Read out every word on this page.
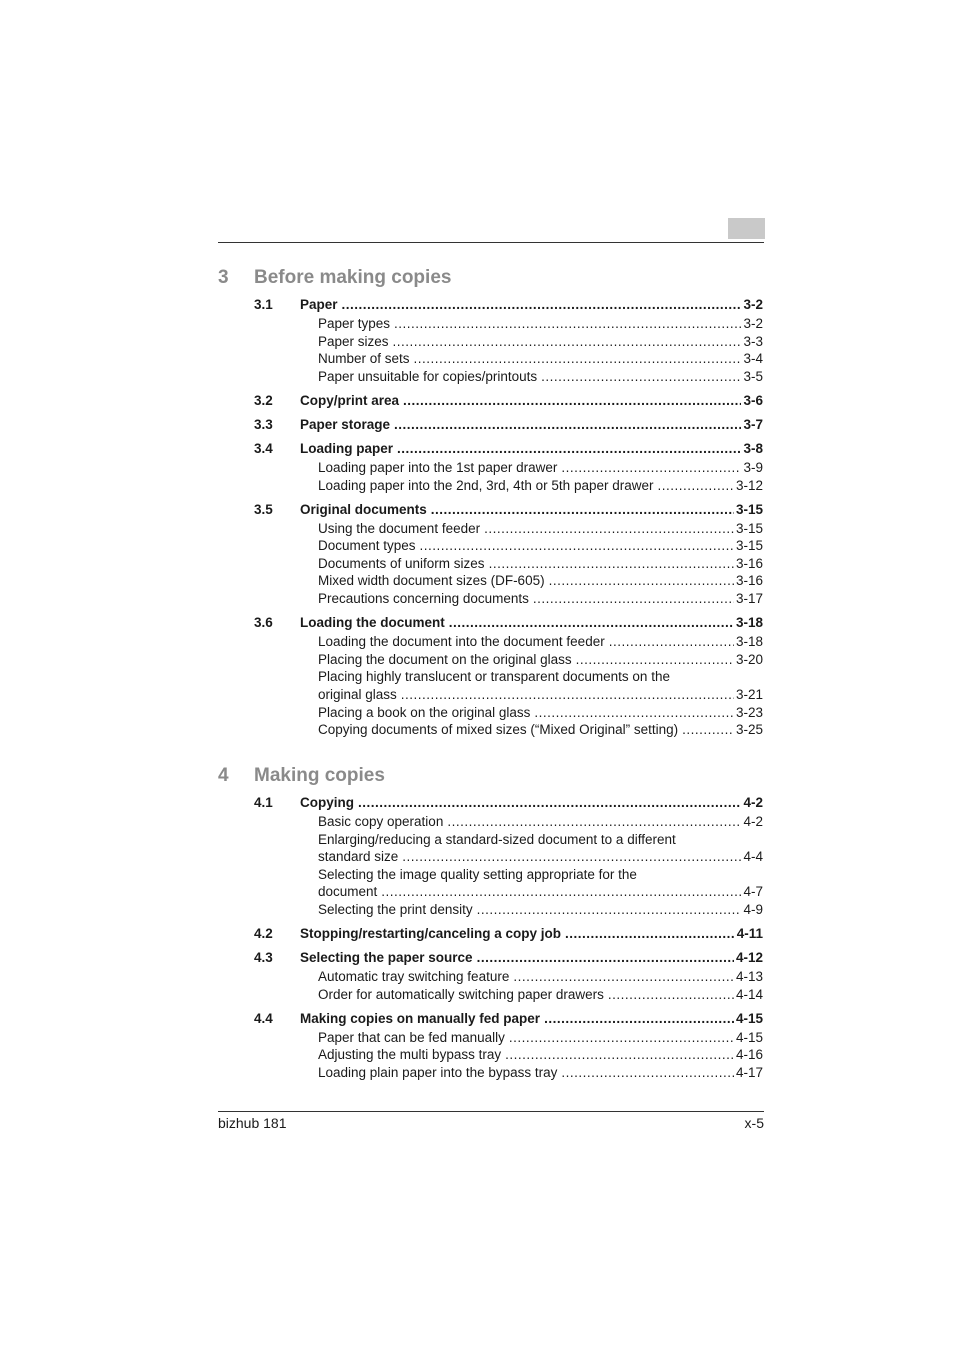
3 Before making copies
3.1 Paper .....	3-2
Paper types .....	3-2
Paper sizes .....	3-3
Number of sets .....	3-4
Paper unsuitable for copies/printouts .....	3-5
3.2 Copy/print area .....	3-6
3.3 Paper storage .....	3-7
3.4 Loading paper .....	3-8
Loading paper into the 1st paper drawer .....	3-9
Loading paper into the 2nd, 3rd, 4th or 5th paper drawer .....	3-12
3.5 Original documents .....	3-15
Using the document feeder .....	3-15
Document types .....	3-15
Documents of uniform sizes .....	3-16
Mixed width document sizes (DF-605) .....	3-16
Precautions concerning documents .....	3-17
3.6 Loading the document .....	3-18
Loading the document into the document feeder .....	3-18
Placing the document on the original glass .....	3-20
Placing highly translucent or transparent documents on the
original glass .....	3-21
Placing a book on the original glass .....	3-23
Copying documents of mixed sizes (“Mixed Original” setting) .....	3-25
4 Making copies
4.1 Copying .....	4-2
Basic copy operation .....	4-2
Enlarging/reducing a standard-sized document to a different
standard size .....	4-4
Selecting the image quality setting appropriate for the
document .....	4-7
Selecting the print density .....	4-9
4.2 Stopping/restarting/canceling a copy job .....	4-11
4.3 Selecting the paper source .....	4-12
Automatic tray switching feature .....	4-13
Order for automatically switching paper drawers .....	4-14
4.4 Making copies on manually fed paper .....	4-15
Paper that can be fed manually .....	4-15
Adjusting the multi bypass tray .....	4-16
Loading plain paper into the bypass tray .....	4-17
bizhub 181	x-5
